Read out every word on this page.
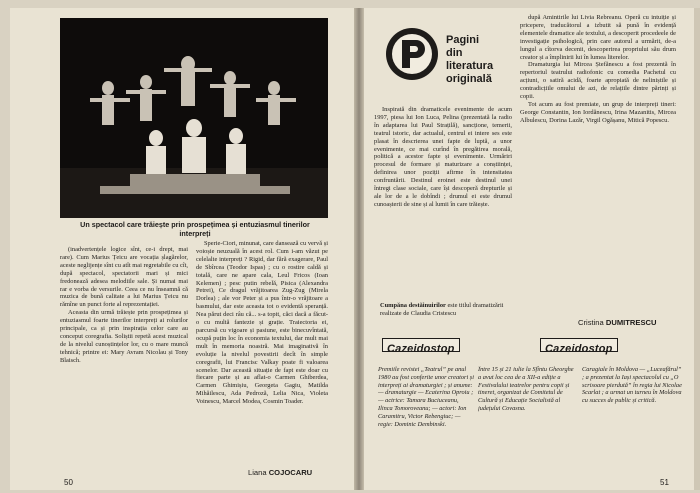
Un spectacol care trăiește prin prospețimea și entuziasmul tinerilor interpreți

(inadvertențele logice sînt, ce-i drept, mai rare). Cum Marius Țeicu are vocația șlagărelor, aceste neglijențe sînt cu atît mai regretabile cu cît, după spectacol, spectatorii mari și mici fredonează adesea melodiile sale. Și numai mai rar e vorba de versurile. Ceea ce nu înseamnă că muzica de bună calitate a lui Marius Țeicu nu rămîne un punct forte al reprezentației.

Aceasta din urmă trăiește prin prospețimea și entuziasmul foarte tinerilor interpreți ai rolurilor principale, ca și prin inspirația celor care au conceput coregrafia. Soliștii repetă acest muzical de la nivelul cunoștințelor lor, cu o mare muncă tehnică; printre ei: Mary Avram Nicolau și Tony Blaisch.

Sperie-Ciori, minunat, care dansează cu vervă și voioșie neuzuală în acest rol. Cum i-am văzut pe celelalte interpreți ? Rigid, dar fără exagerare, Paul de Sbîrcea (Teodor Ispas) ; cu o rostire caldă și totală, care ne apare cala, Leul Fricos (Ioan Kelemen) ; pesc putin rebelă, Pisica (Alexandra Petrei), Ce dragul vrăjitoarea Zug-Zug (Mirela Dorlea) ; ale vor Peter și a pus într-o vrăjitoare a basmului, dar este aceasta tot o evidentă speranță. Nea părut deci râu că... s-a topit, căci dacă a făcut-o cu multă fantezie și grație. Traiectoria ei, parcursă cu vigoare și pasiune, este binecuvîntată, ocupă puțin loc în economia textului, dar mult mai mult în memoria noastră. Mai imaginativă în evoluție la nivelul povestirii decît în simple coregrafii, lui Francisc Valkay poate fi valoarea scenelor. Dar această situație de fapt este doar cu fiecare parte și au aflat-o Carmen Ghiberdea, Carmen Ghimișiu, Georgeta Gagiu, Matilda Mihăilescu, Ada Pedroză, Lelia Nica, Violeta Voinescu, Marcel Modea, Cosmin Toader.

Liana COJOCARU
50
Pagini
din
literatura
originală

Inspirată din dramaticele evenimente de acum 1997, piesa lui Ion Luca, Pelina (prezentată la radio în adaptarea lui Paul Strațilă), sancțione, temerii, teatrul istoric, dar actualul, centrul ei intere ses este plasat în descrierea unei fapte de luptă, a unor evenimente, ce mai curînd în pregătirea morală, politică a acestor fapte și evenimente. Urmăriri procesul de formare și maturizare a conștiinței, definirea unor poziții afirme în intensitatea confruntării. Destinul eroinei este destinul unei întregi clase sociale, care își descoperă drepturile și ale lor de a le dobîndi ; drumul ei este drumul cunoașterii de sine și al lumii în care trăiește.

Cumpăna destăinuirilor este titlul dramatizării realizate de Claudia Cristescu

după Amintirile lui Livia Rebreanu. Operă cu intuiție și pricepere, traducătorul a izbutit să pună în evidență elementele dramatice ale textului, a descoperit procedeele de investigație psihologică, prin care autorul a urmărit, de-a lungul a cîtorva decenii, descoperirea propriului său drum creator și a împlinirii lui în lumea literelor.

Dramaturgia lui Mircea Ștefănescu a fost prezentă în repertoriul teatrului radiofonic cu comedia Pachetul cu acțiuni, o satiră acidă, foarte apropiată de neliniștile și contradicțiile omului de azi, de relațiile dintre părinți și copii.

Tot acum au fost premiate, un grup de interpreți tineri: George Constantin, Ion Iordănescu, Irina Mazanitis, Mircea Albulescu, Dorina Lazăr, Virgil Ogășanu, Mitică Popescu.

Cristina DUMITRESCU
Cazeidostop	Cazeidostop
Premiile revistei „Teatrul” pe anul 1980 au fost conferite unor creatori și interpreți ai dramaturgiei ; și anume: — dramaturgie — Ecaterina Oproiu ; — actrice: Tamara Buciuceanu, Ilinca Tomoroveanu; — actori: Ion Caramitru, Victor Rebengiuc; — regie: Dominic Dembinski.
Între 15 și 21 iulie la Sfîntu Gheorghe a avut loc cea de a XII-a ediție a Festivalului teatrelor pentru copii și tineret, organizat de Comitetul de Cultură și Educație Socialistă al județului Covasna.
Caragiale în Moldova — „Luceafărul” ; a prezentat la Iași spectacolul cu „O scrisoare pierdută” în regia lui Nicolae Scarlat ; a urmat un turneu în Moldova cu succes de public și critică.
51
